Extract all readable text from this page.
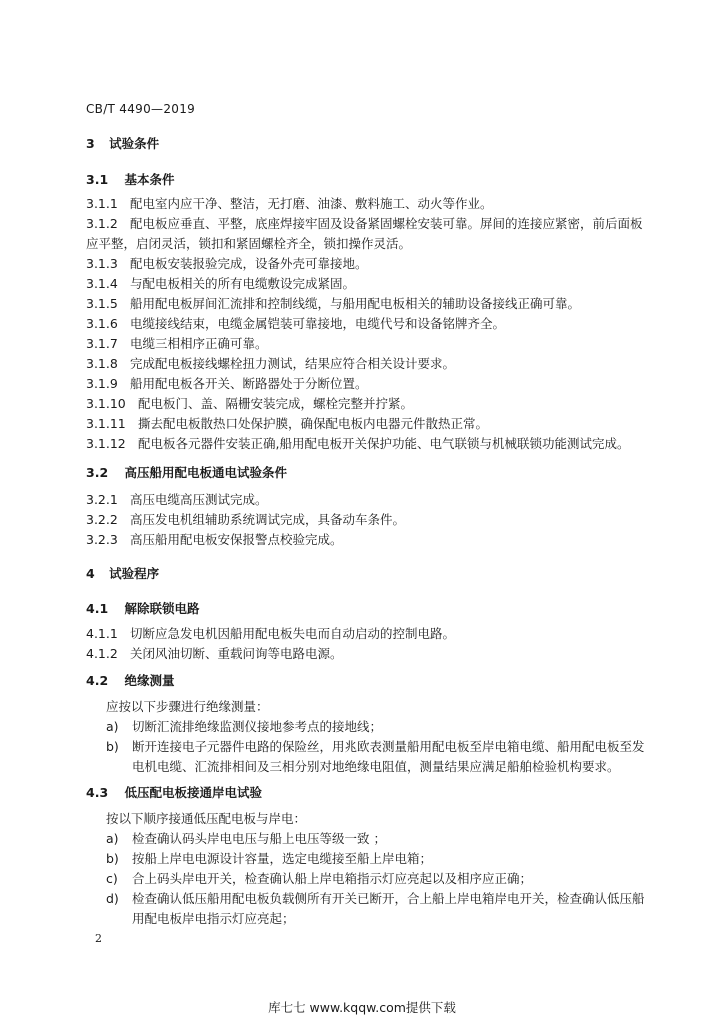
CB/T 4490—2019
3 试验条件
3.1 基本条件
3.1.1 配电室内应干净、整洁，无打磨、油漆、敷料施工、动火等作业。
3.1.2 配电板应垂直、平整，底座焊接牢固及设备紧固螺栓安装可靠。屏间的连接应紧密，前后面板
应平整，启闭灵活，锁扣和紧固螺栓齐全，锁扣操作灵活。
3.1.3 配电板安装报验完成，设备外壳可靠接地。
3.1.4 与配电板相关的所有电缆敷设完成紧固。
3.1.5 船用配电板屏间汇流排和控制线缆，与船用配电板相关的辅助设备接线正确可靠。
3.1.6 电缆接线结束，电缆金属铠装可靠接地，电缆代号和设备铭牌齐全。
3.1.7 电缆三相相序正确可靠。
3.1.8 完成配电板接线螺栓扭力测试，结果应符合相关设计要求。
3.1.9 船用配电板各开关、断路器处于分断位置。
3.1.10 配电板门、盖、隔栅安装完成，螺栓完整并拧紧。
3.1.11 撕去配电板散热口处保护膜，确保配电板内电器元件散热正常。
3.1.12 配电板各元器件安装正确,船用配电板开关保护功能、电气联锁与机械联锁功能测试完成。
3.2 高压船用配电板通电试验条件
3.2.1 高压电缆高压测试完成。
3.2.2 高压发电机组辅助系统调试完成，具备动车条件。
3.2.3 高压船用配电板安保报警点校验完成。
4 试验程序
4.1 解除联锁电路
4.1.1 切断应急发电机因船用配电板失电而自动启动的控制电路。
4.1.2 关闭风油切断、重载问询等电路电源。
4.2 绝缘测量
应按以下步骤进行绝缘测量：
a) 切断汇流排绝缘监测仪接地参考点的接地线；
b) 断开连接电子元器件电路的保险丝，用兆欧表测量船用配电板至岸电箱电缆、船用配电板至发
电机电缆、汇流排相间及三相分别对地绝缘电阻值，测量结果应满足船舶检验机构要求。
4.3 低压配电板接通岸电试验
按以下顺序接通低压配电板与岸电：
a) 检查确认码头岸电电压与船上电压等级一致 ；
b) 按船上岸电电源设计容量，选定电缆接至船上岸电箱；
c) 合上码头岸电开关，检查确认船上岸电箱指示灯应亮起以及相序应正确；
d) 检查确认低压船用配电板负载侧所有开关已断开，合上船上岸电箱岸电开关，检查确认低压船
用配电板岸电指示灯应亮起；
2
库七七 www.kqqw.com提供下载
